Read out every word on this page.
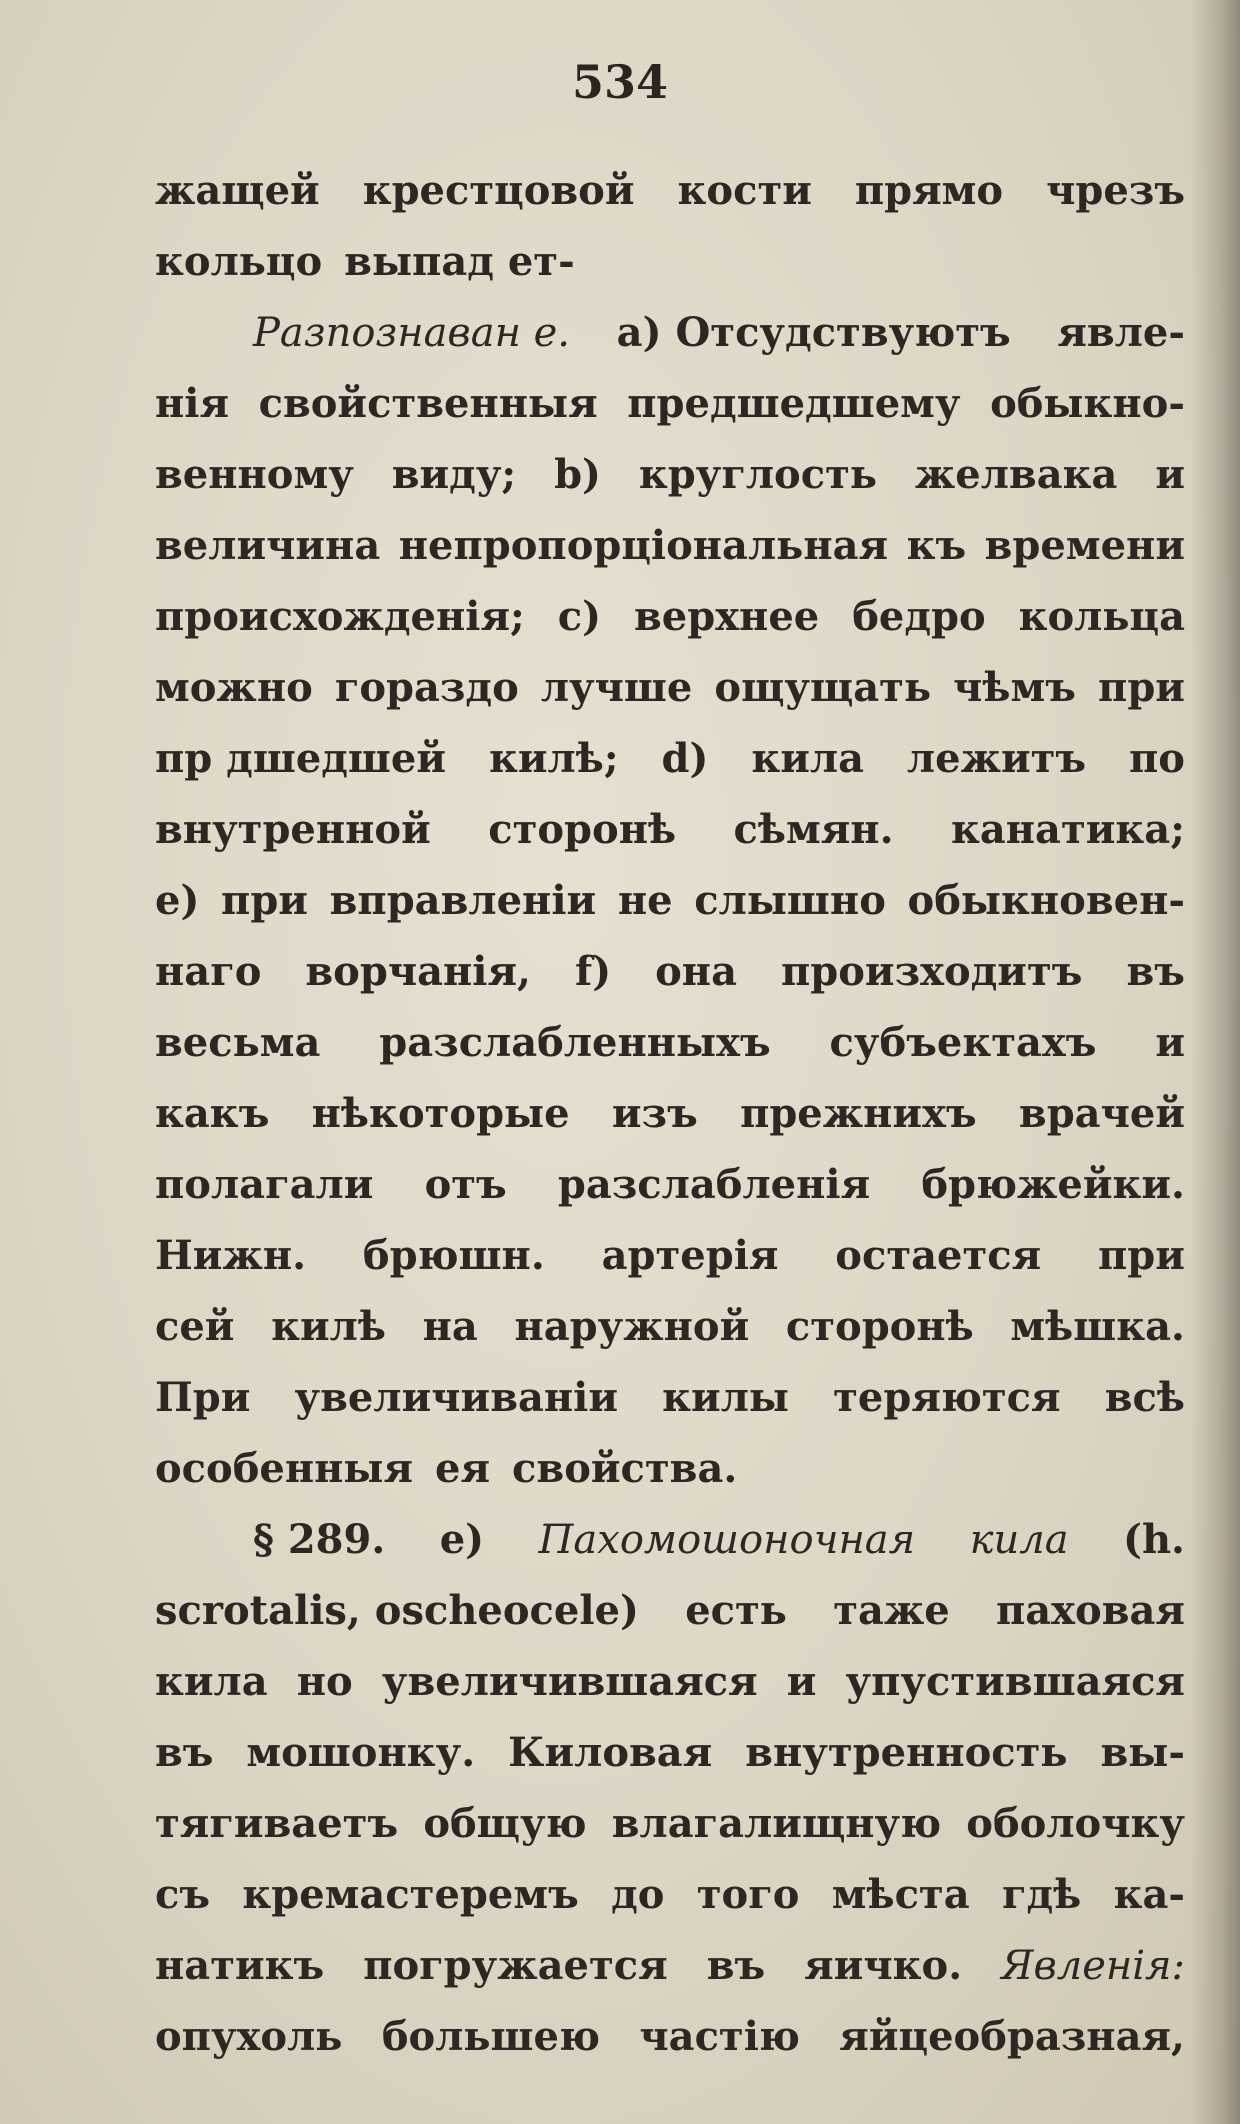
534
жащей крестцовой кости прямо чрезъ
кольцо выпад ет-
Разпознаван е. a) Отсудствуютъ явле-
нія свойственныя предшедшему обыкно-
венному виду; b) круглость желвака и
величина непропорціональная къ времени
происхожденія; c) верхнее бедро кольца
можно гораздо лучше ощущать чѣмъ при
пр дшедшей килѣ; d) кила лежитъ по
внутренной сторонѣ сѣмян. канатика;
e) при вправленіи не слышно обыкновен-
наго ворчанія, f) она произходитъ въ
весьма разслабленныхъ субъектахъ и
какъ нѣкоторые изъ прежнихъ врачей
полагали отъ разслабленія брюжейки.
Нижн. брюшн. артерія остается при
сей килѣ на наружной сторонѣ мѣшка.
При увеличиваніи килы теряются всѣ
особенныя ея свойства.
§ 289. e) Пахомошоночная кила (h.
scrotalis, oscheocele) есть таже паховая
кила но увеличившаяся и упустившаяся
въ мошонку. Киловая внутренность вы-
тягиваетъ общую влагалищную оболочку
съ кремастеремъ до того мѣста гдѣ ка-
натикъ погружается въ яичко. Явленія:
опухоль большею частію яйцеобразная,
